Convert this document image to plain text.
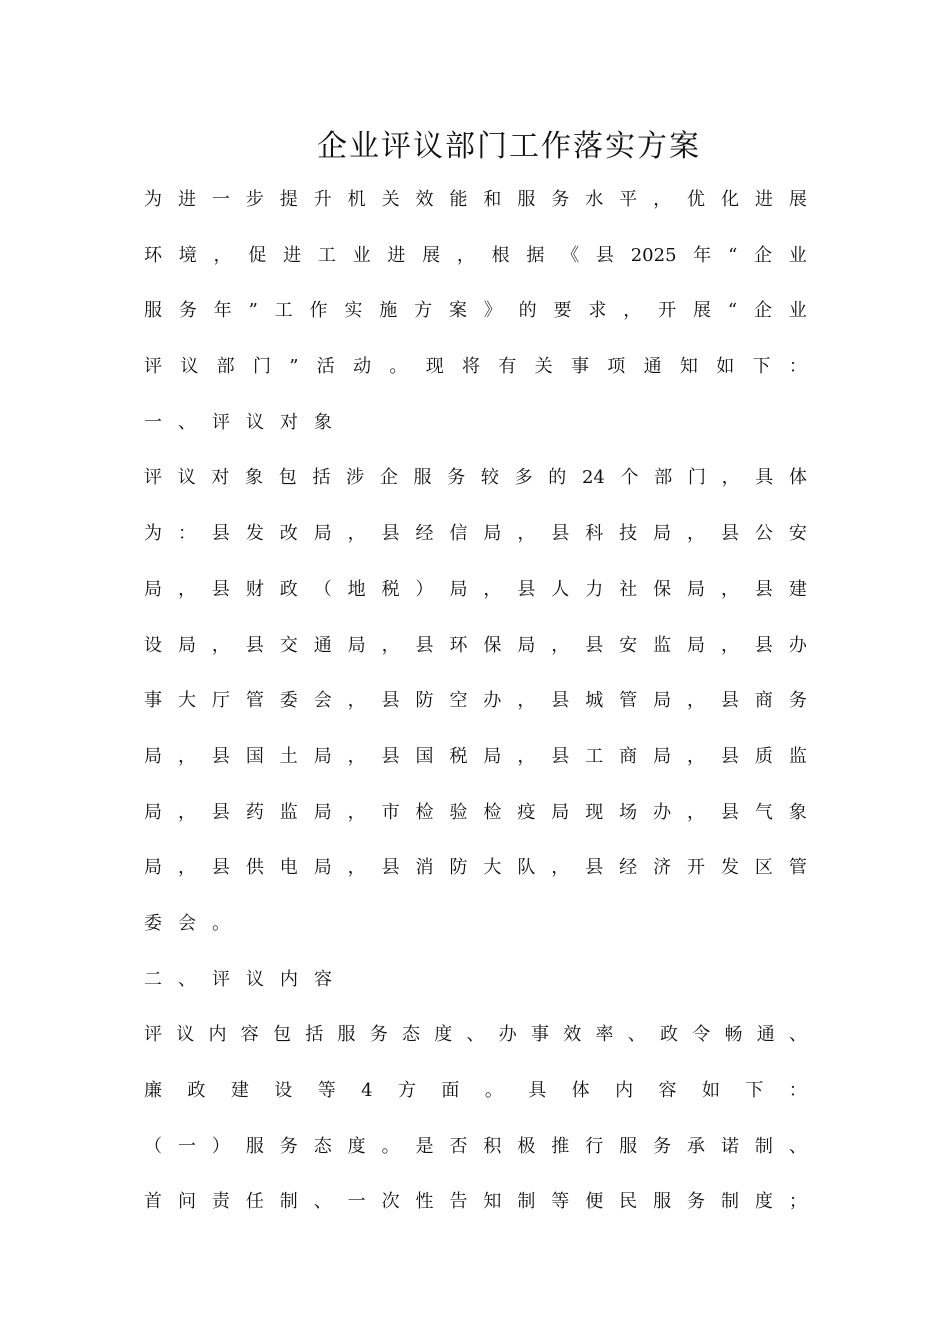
企业评议部门工作落实方案
为 进 一 步 提 升 机 关 效 能 和 服 务 水 平 ， 优 化 进 展
环 境 ， 促 进 工 业 进 展 ， 根 据 《 县 2025 年 “ 企 业
服 务 年 ” 工 作 实 施 方 案 》 的 要 求 ， 开 展 “ 企 业
评 议 部 门 ” 活 动 。 现 将 有 关 事 项 通 知 如 下 ：
一 、 评 议 对 象
评 议 对 象 包 括 涉 企 服 务 较 多 的 24 个 部 门 ， 具 体
为 ： 县 发 改 局 ， 县 经 信 局 ， 县 科 技 局 ， 县 公 安
局 ， 县 财 政 （ 地 税 ） 局 ， 县 人 力 社 保 局 ， 县 建
设 局 ， 县 交 通 局 ， 县 环 保 局 ， 县 安 监 局 ， 县 办
事 大 厅 管 委 会 ， 县 防 空 办 ， 县 城 管 局 ， 县 商 务
局 ， 县 国 土 局 ， 县 国 税 局 ， 县 工 商 局 ， 县 质 监
局 ， 县 药 监 局 ， 市 检 验 检 疫 局 现 场 办 ， 县 气 象
局 ， 县 供 电 局 ， 县 消 防 大 队 ， 县 经 济 开 发 区 管
委 会 。
二 、 评 议 内 容
评 议 内 容 包 括 服 务 态 度 、 办 事 效 率 、 政 令 畅 通 、
廉 政 建 设 等 4 方 面 。 具 体 内 容 如 下 ：
（ 一 ） 服 务 态 度 。 是 否 积 极 推 行 服 务 承 诺 制 、
首 问 责 任 制 、 一 次 性 告 知 制 等 便 民 服 务 制 度 ；
